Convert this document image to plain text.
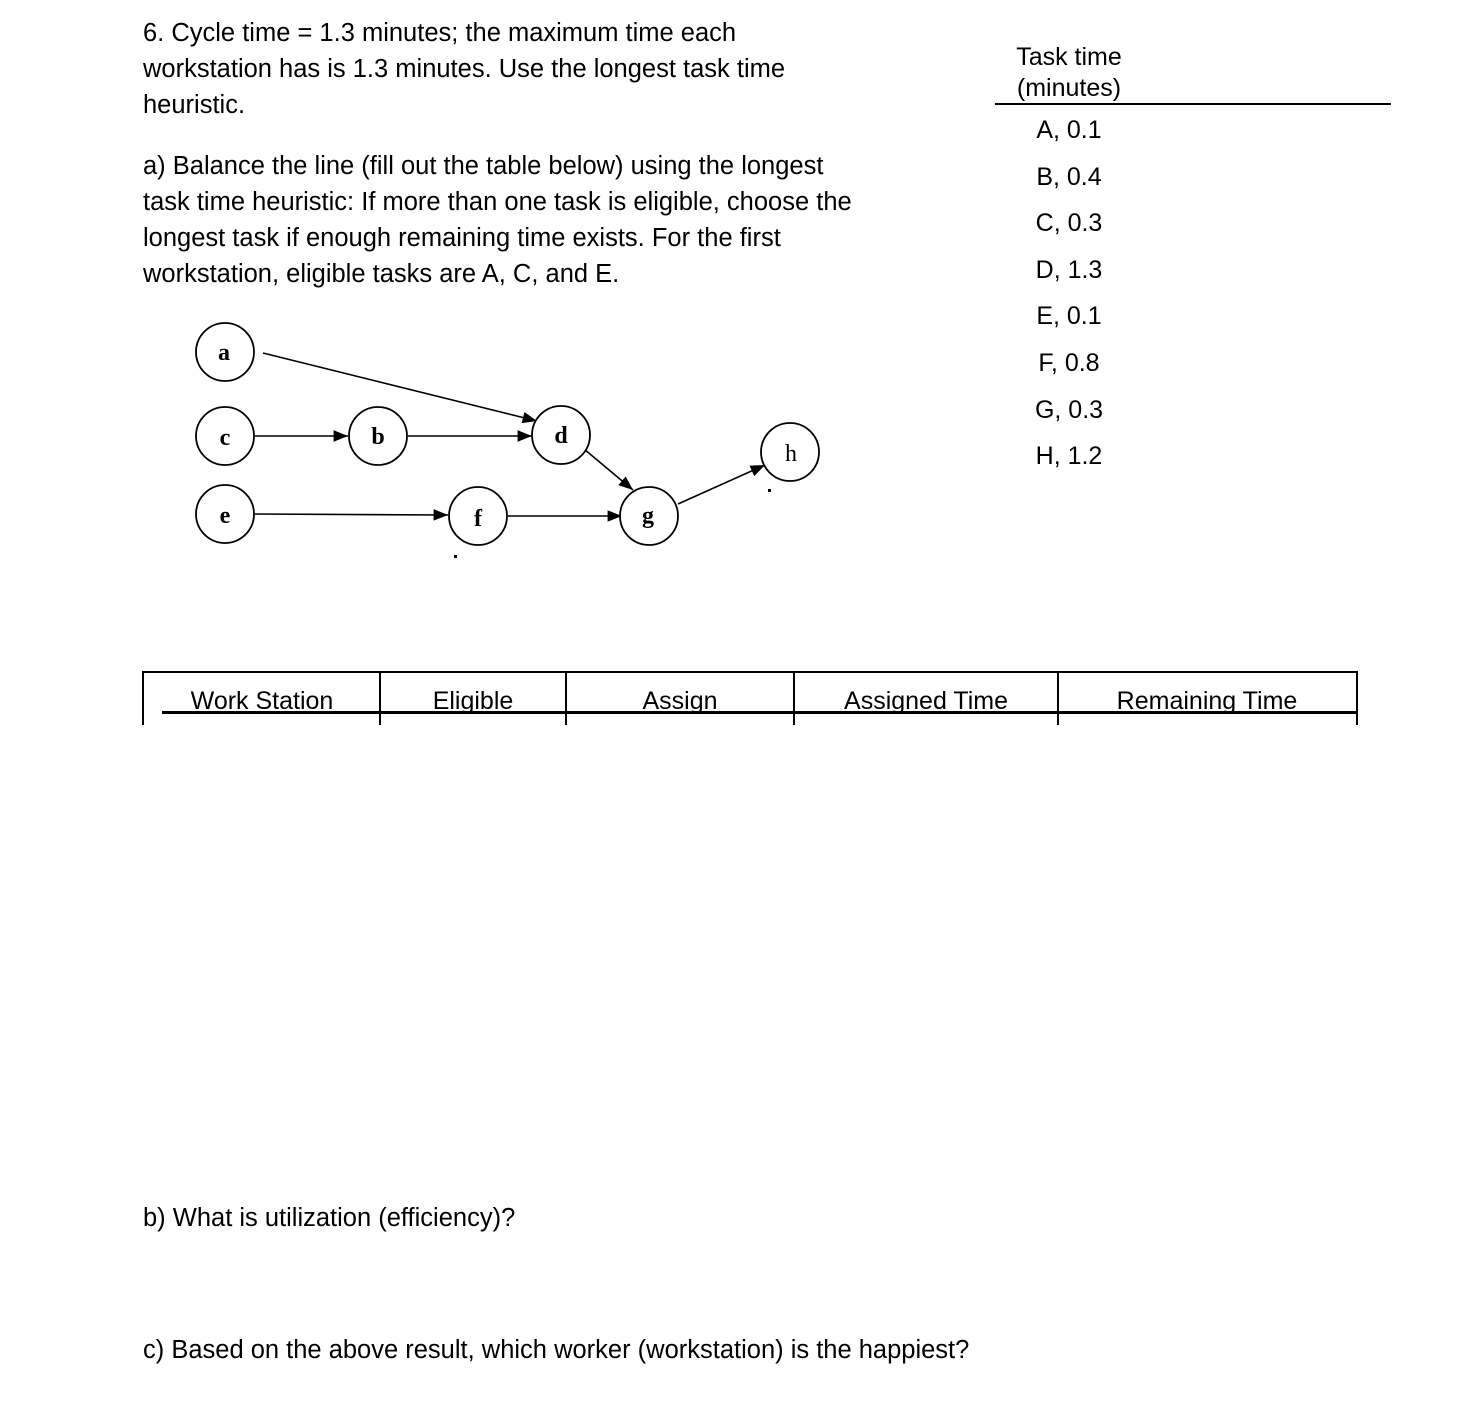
6. Cycle time = 1.3 minutes; the maximum time each
workstation has is 1.3 minutes. Use the longest task time
heuristic.
a) Balance the line (fill out the table below) using the longest
task time heuristic: If more than one task is eligible, choose the
longest task if enough remaining time exists. For the first
workstation, eligible tasks are A, C, and E.
Task time
(minutes)
A, 0.1
B, 0.4
C, 0.3
D, 1.3
E, 0.1
F, 0.8
G, 0.3
H, 1.2
a
c	b	d
e	f	g
h
Work Station	Eligible	Assign	Assigned Time	Remaining Time

b) What is utilization (efficiency)?

c) Based on the above result, which worker (workstation) is the happiest?
